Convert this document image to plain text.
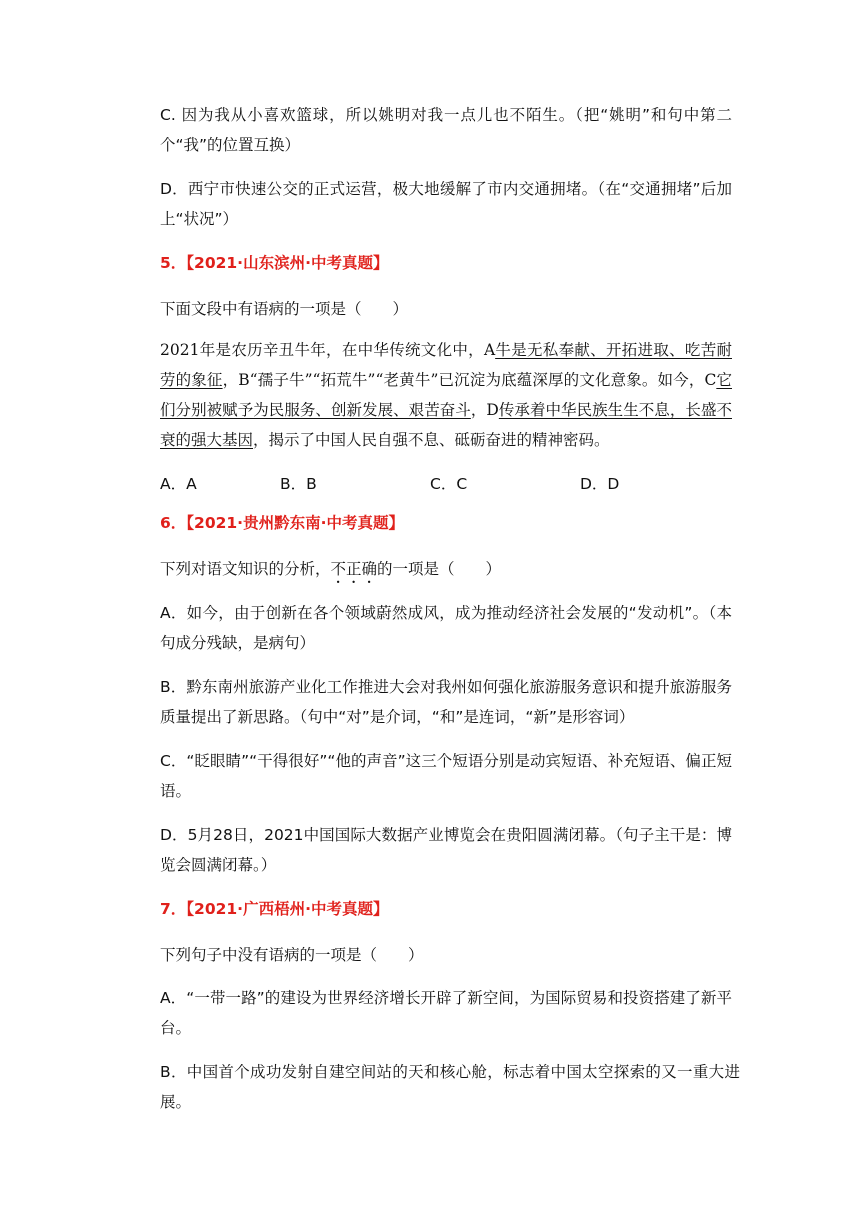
C. 因为我从小喜欢篮球，所以姚明对我一点儿也不陌生。（把“姚明”和句中第二个“我”的位置互换）

D．西宁市快速公交的正式运营，极大地缓解了市内交通拥堵。（在“交通拥堵”后加上“状况”）

5．【2021·山东滨州·中考真题】

下面文段中有语病的一项是（　　）

2021年是农历辛丑牛年，在中华传统文化中，A牛是无私奉献、开拓进取、吃苦耐劳的象征，B“孺子牛”“拓荒牛”“老黄牛”已沉淀为底蕴深厚的文化意象。如今，C它们分别被赋予为民服务、创新发展、艰苦奋斗，D传承着中华民族生生不息，长盛不衰的强大基因，揭示了中国人民自强不息、砥砺奋进的精神密码。

A．A	B．B	C．C	D．D

6．【2021·贵州黔东南·中考真题】

下列对语文知识的分析，不正确的一项是（　　）

A．如今，由于创新在各个领域蔚然成风，成为推动经济社会发展的“发动机”。（本句成分残缺，是病句）

B．黔东南州旅游产业化工作推进大会对我州如何强化旅游服务意识和提升旅游服务质量提出了新思路。（句中“对”是介词，“和”是连词，“新”是形容词）

C．“眨眼睛”“干得很好”“他的声音”这三个短语分别是动宾短语、补充短语、偏正短语。

D．5月28日，2021中国国际大数据产业博览会在贵阳圆满闭幕。（句子主干是：博览会圆满闭幕。）

7．【2021·广西梧州·中考真题】

下列句子中没有语病的一项是（　　）

A．“一带一路”的建设为世界经济增长开辟了新空间，为国际贸易和投资搭建了新平台。

B．中国首个成功发射自建空间站的天和核心舱，标志着中国太空探索的又一重大进展。
